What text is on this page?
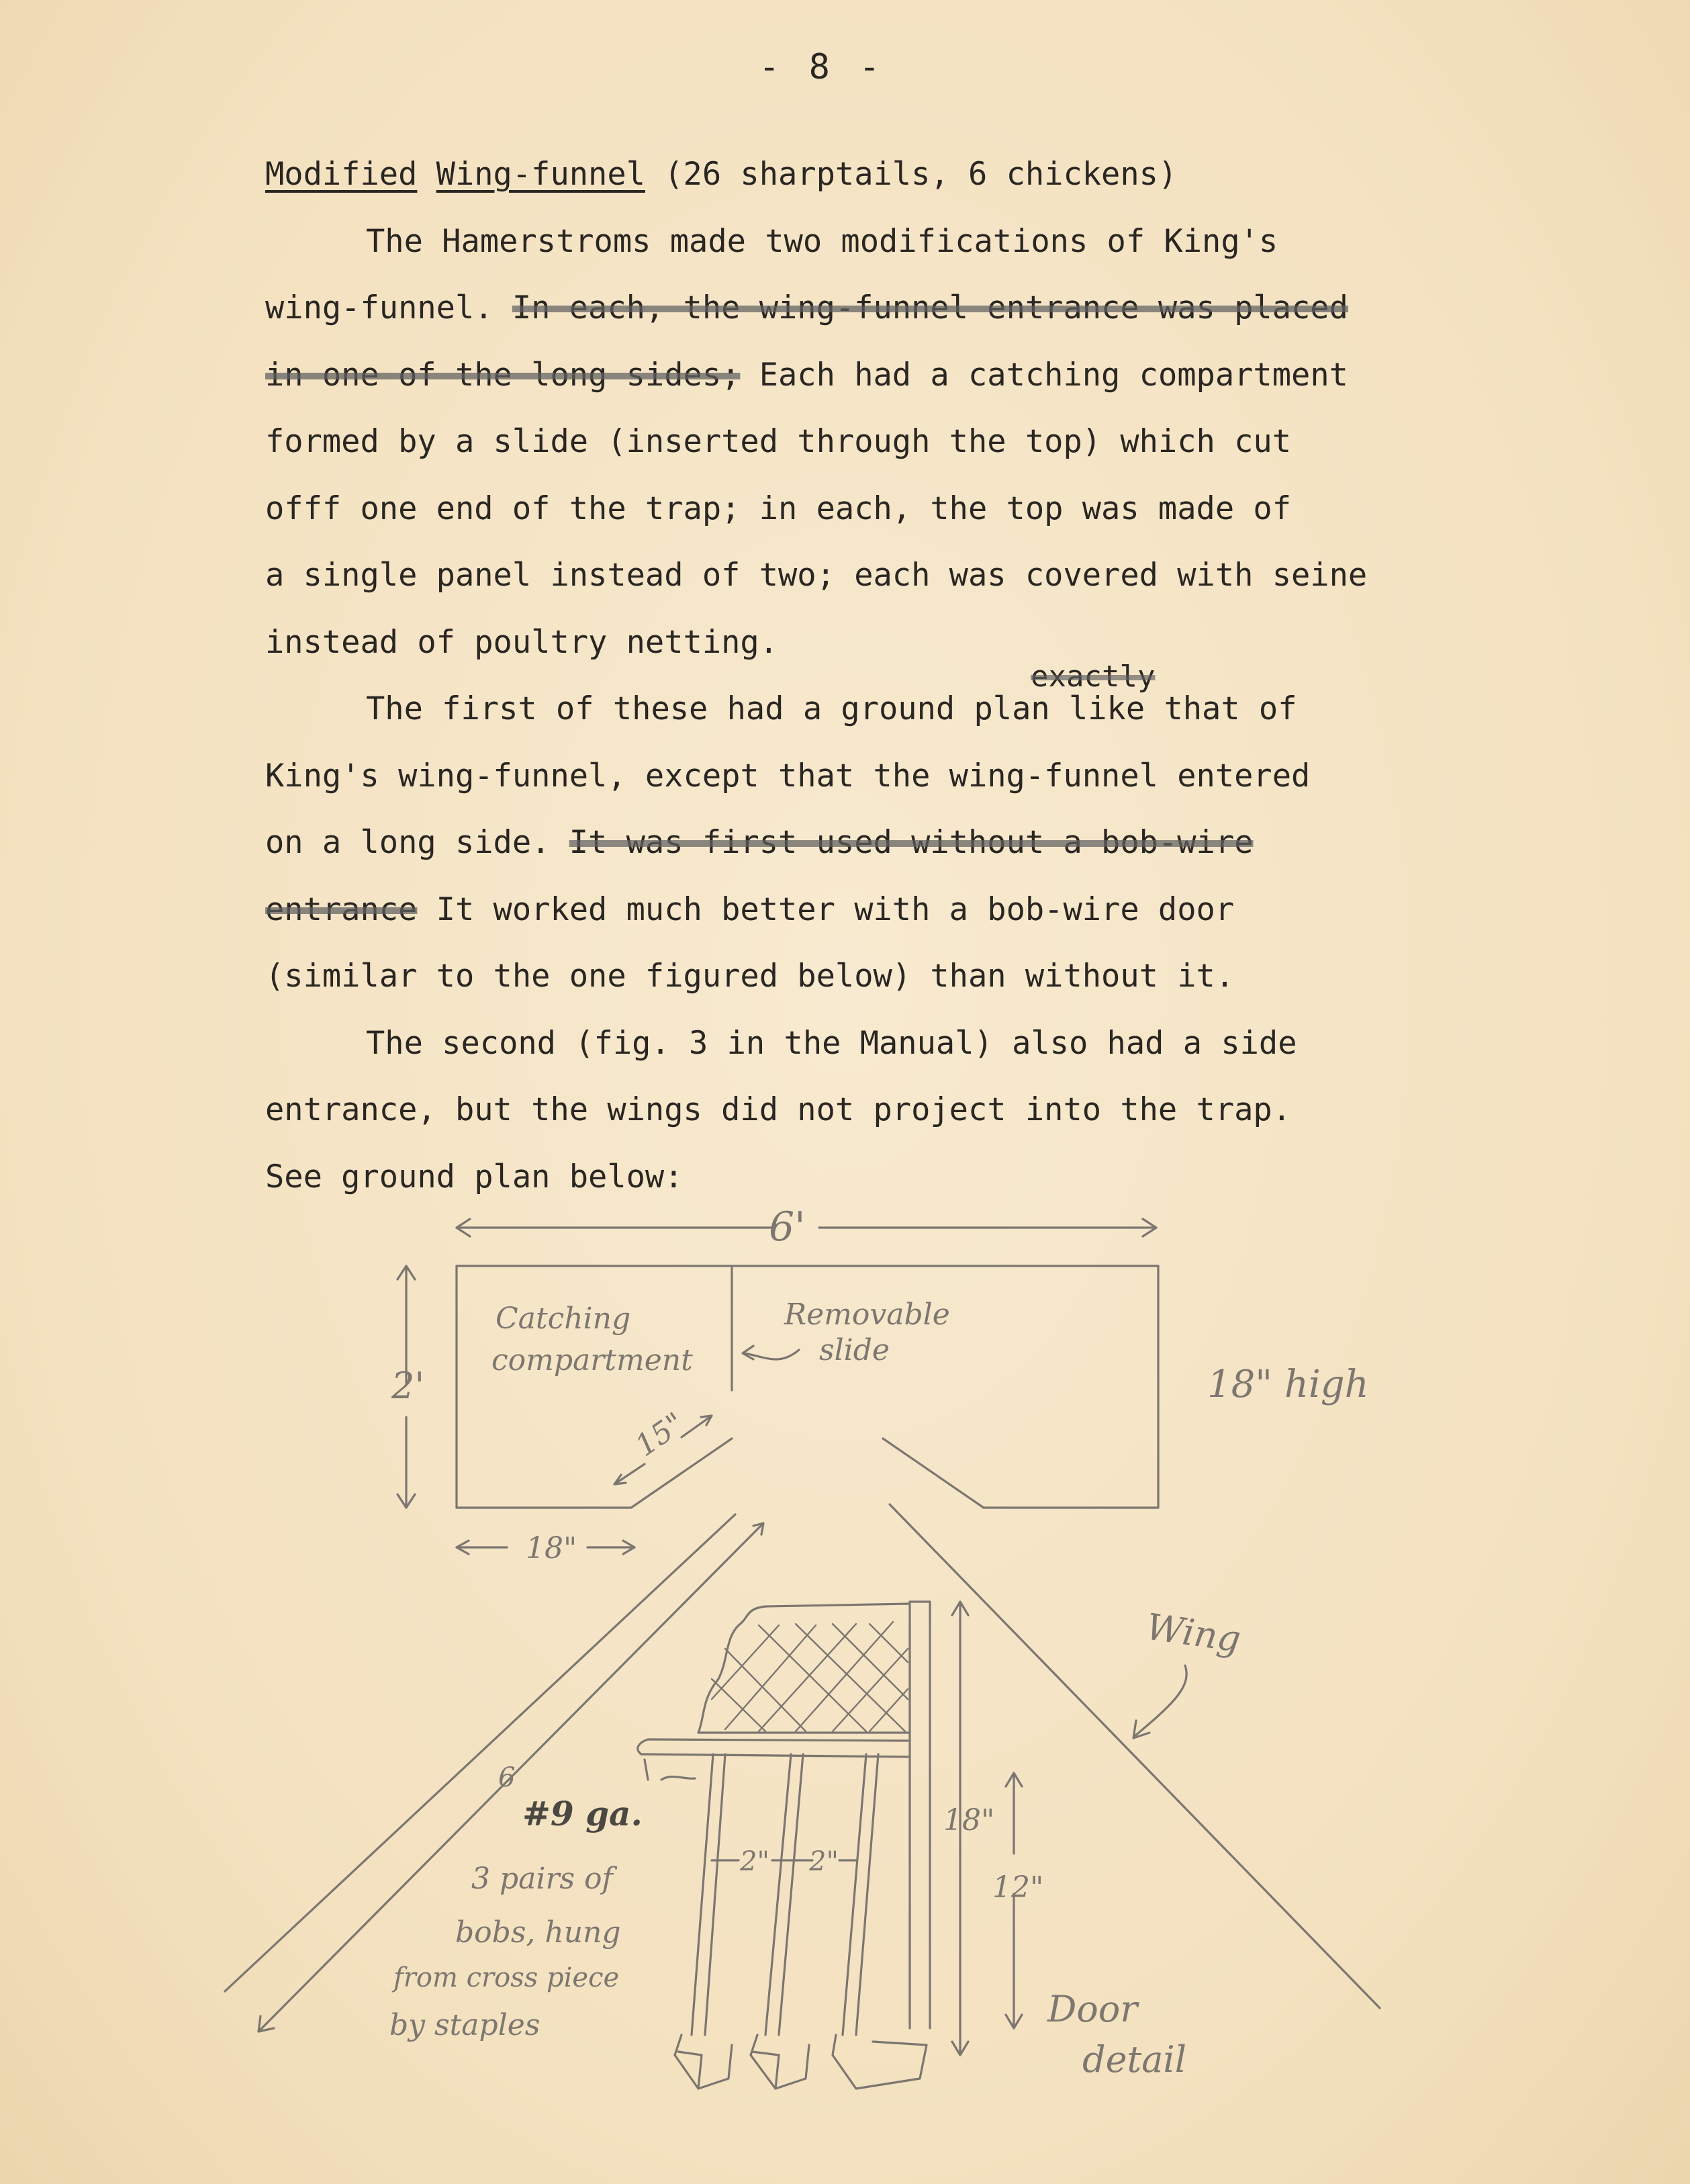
- 8 -
Modified Wing-funnel (26 sharptails, 6 chickens)
The Hamerstroms made two modifications of King's
wing-funnel. In each, the wing-funnel entrance was placed
in one of the long sides; Each had a catching compartment
formed by a slide (inserted through the top) which cut
offf one end of the trap; in each, the top was made of
a single panel instead of two; each was covered with seine
instead of poultry netting.
exactly
The first of these had a ground plan like that of
King's wing-funnel, except that the wing-funnel entered
on a long side. It was first used without a bob-wire
entrance It worked much better with a bob-wire door
(similar to the one figured below) than without it.
The second (fig. 3 in the Manual) also had a side
entrance, but the wings did not project into the trap.
See ground plan below:
6'
2'
Catching
compartment
Removable
slide
18" high
15"
18"
Wing
18"
12"
#9 ga.
2" 2"
6
3 pairs of
bobs, hung
from cross piece
by staples	Door
detail
